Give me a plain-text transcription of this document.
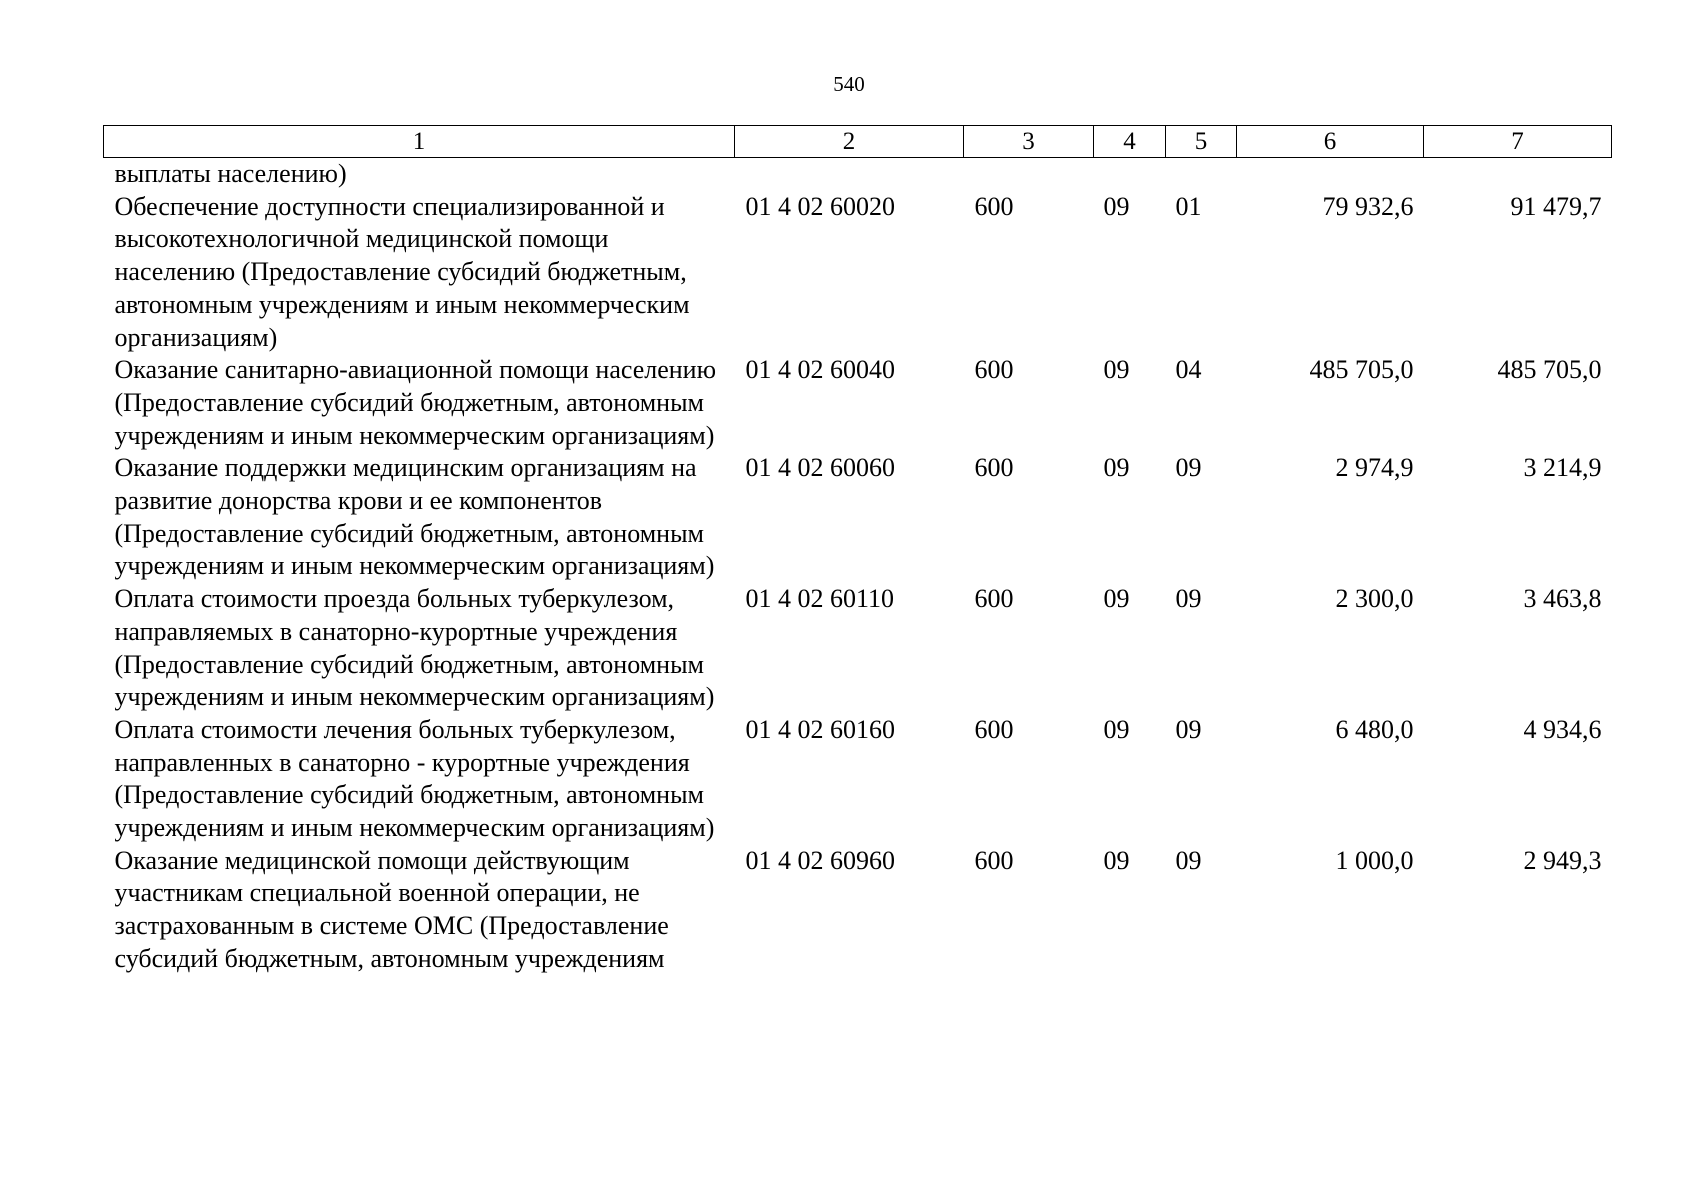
540
1	2	3	4	5	6	7
выплаты населению)						
Обеспечение доступности специализированной и высокотехнологичной медицинской помощи населению (Предоставление субсидий бюджетным, автономным учреждениям и иным некоммерческим организациям)	01 4 02 60020	600	09	01	79 932,6	91 479,7
Оказание санитарно-авиационной помощи населению (Предоставление субсидий бюджетным, автономным учреждениям и иным некоммерческим организациям)	01 4 02 60040	600	09	04	485 705,0	485 705,0
Оказание поддержки медицинским организациям на развитие донорства крови и ее компонентов (Предоставление субсидий бюджетным, автономным учреждениям и иным некоммерческим организациям)	01 4 02 60060	600	09	09	2 974,9	3 214,9
Оплата стоимости проезда больных туберкулезом, направляемых в санаторно-курортные учреждения (Предоставление субсидий бюджетным, автономным учреждениям и иным некоммерческим организациям)	01 4 02 60110	600	09	09	2 300,0	3 463,8
Оплата стоимости лечения больных туберкулезом, направленных в санаторно - курортные учреждения (Предоставление субсидий бюджетным, автономным учреждениям и иным некоммерческим организациям)	01 4 02 60160	600	09	09	6 480,0	4 934,6
Оказание медицинской помощи действующим участникам специальной военной операции, не застрахованным в системе ОМС (Предоставление субсидий бюджетным, автономным учреждениям	01 4 02 60960	600	09	09	1 000,0	2 949,3
